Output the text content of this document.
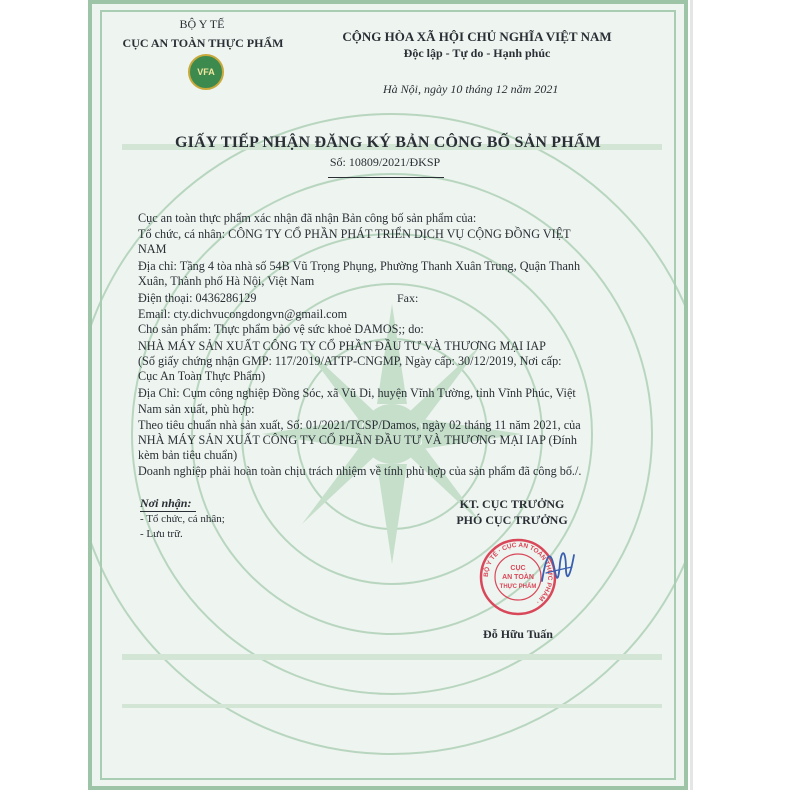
BỘ Y TẾ
CỤC AN TOÀN THỰC PHẨM
VFA
CỘNG HÒA XÃ HỘI CHỦ NGHĨA VIỆT NAM
Độc lập - Tự do - Hạnh phúc
Hà Nội, ngày 10 tháng 12 năm 2021
GIẤY TIẾP NHẬN ĐĂNG KÝ BẢN CÔNG BỐ SẢN PHẨM
Số: 10809/2021/ĐKSP
Cục an toàn thực phẩm xác nhận đã nhận Bản công bố sản phẩm của:
Tổ chức, cá nhân: CÔNG TY CỔ PHẦN PHÁT TRIỂN DỊCH VỤ CỘNG ĐỒNG VIỆT
NAM
Địa chỉ: Tầng 4 tòa nhà số 54B Vũ Trọng Phụng, Phường Thanh Xuân Trung, Quận Thanh
Xuân, Thành phố Hà Nội, Việt Nam
Điện thoại: 0436286129	Fax:
Email: cty.dichvucongdongvn@gmail.com
Cho sản phẩm: Thực phẩm bảo vệ sức khoẻ DAMOS;; do:
NHÀ MÁY SẢN XUẤT CÔNG TY CỔ PHẦN ĐẦU TƯ VÀ THƯƠNG MẠI IAP
(Số giấy chứng nhận GMP: 117/2019/ATTP-CNGMP, Ngày cấp: 30/12/2019, Nơi cấp:
Cục An Toàn Thực Phẩm)
Địa Chỉ: Cụm công nghiệp Đồng Sóc, xã Vũ Di, huyện Vĩnh Tường, tỉnh Vĩnh Phúc, Việt
Nam sản xuất, phù hợp:
Theo tiêu chuẩn nhà sản xuất, Số: 01/2021/TCSP/Damos, ngày 02 tháng 11 năm 2021, của
NHÀ MÁY SẢN XUẤT CÔNG TY CỔ PHẦN ĐẦU TƯ VÀ THƯƠNG MẠI IAP (Đính
kèm bản tiêu chuẩn)
Doanh nghiệp phải hoàn toàn chịu trách nhiệm về tính phù hợp của sản phẩm đã công bố./.
Nơi nhận:
- Tổ chức, cá nhân;
- Lưu trữ.
KT. CỤC TRƯỞNG
PHÓ CỤC TRƯỞNG
BỘ Y TẾ · CỤC AN TOÀN THỰC PHẨM ·
CỤC
AN TOÀN
THỰC PHẨM
Đỗ Hữu Tuấn
